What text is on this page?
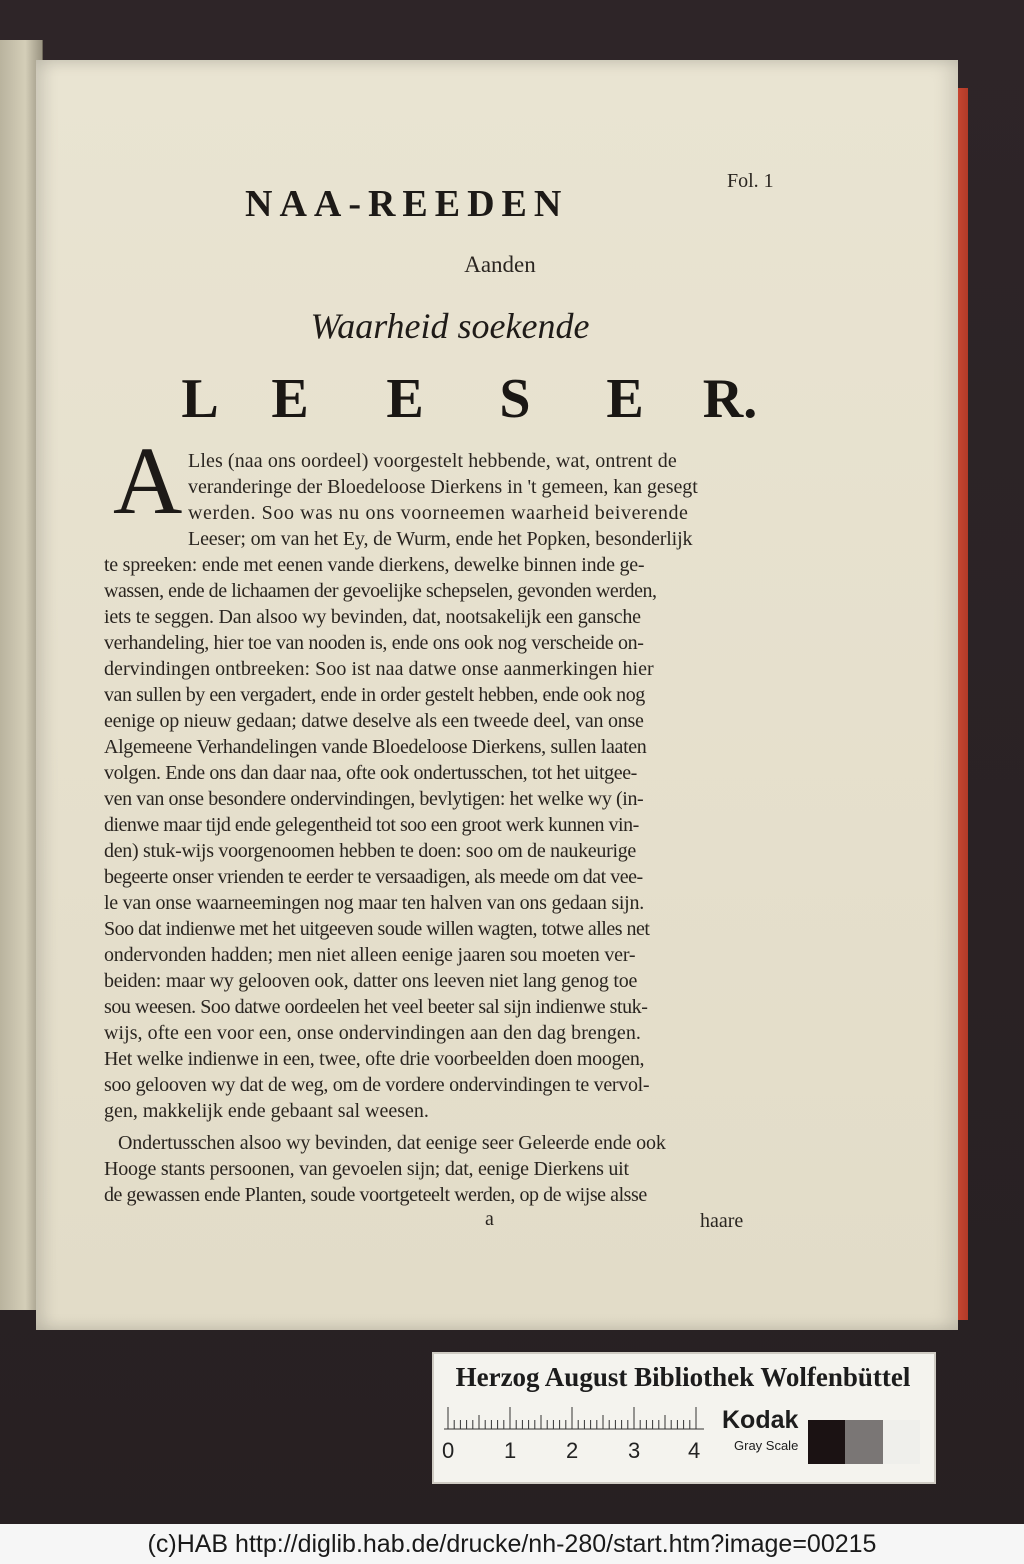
Fol. 1
NAA-REEDEN
Aanden
Waarheid soekende
L E	E	S	E	R.
A Lles (naa ons oordeel) voorgestelt hebbende, wat, ontrent de
veranderinge der Bloedeloose Dierkens in 't gemeen, kan gesegt
werden. Soo was nu ons voorneemen waarheid beiverende
Leeser; om van het Ey, de Wurm, ende het Popken, besonderlijk
te spreeken: ende met eenen vande dierkens, dewelke binnen inde ge-
wassen, ende de lichaamen der gevoelijke schepselen, gevonden werden,
iets te seggen. Dan alsoo wy bevinden, dat, nootsakelijk een gansche
verhandeling, hier toe van nooden is, ende ons ook nog verscheide on-
dervindingen ontbreeken: Soo ist naa datwe onse aanmerkingen hier
van sullen by een vergadert, ende in order gestelt hebben, ende ook nog
eenige op nieuw gedaan; datwe deselve als een tweede deel, van onse
Algemeene Verhandelingen vande Bloedeloose Dierkens, sullen laaten
volgen. Ende ons dan daar naa, ofte ook ondertusschen, tot het uitgee-
ven van onse besondere ondervindingen, bevlytigen: het welke wy (in-
dienwe maar tijd ende gelegentheid tot soo een groot werk kunnen vin-
den) stuk-wijs voorgenoomen hebben te doen: soo om de naukeurige
begeerte onser vrienden te eerder te versaadigen, als meede om dat vee-
le van onse waarneemingen nog maar ten halven van ons gedaan sijn.
Soo dat indienwe met het uitgeeven soude willen wagten, totwe alles net
ondervonden hadden; men niet alleen eenige jaaren sou moeten ver-
beiden: maar wy gelooven ook, datter ons leeven niet lang genog toe
sou weesen. Soo datwe oordeelen het veel beeter sal sijn indienwe stuk-
wijs, ofte een voor een, onse ondervindingen aan den dag brengen.
Het welke indienwe in een, twee, ofte drie voorbeelden doen moogen,
soo gelooven wy dat de weg, om de vordere ondervindingen te vervol-
gen, makkelijk ende gebaant sal weesen.
Ondertusschen alsoo wy bevinden, dat eenige seer Geleerde ende ook
Hooge stants persoonen, van gevoelen sijn; dat, eenige Dierkens uit
de gewassen ende Planten, soude voortgeteelt werden, op de wijse alsse
a	haare
Herzog August Bibliothek Wolfenbüttel
0 1 2 3 4
Kodak
Gray Scale
(c)HAB http://diglib.hab.de/drucke/nh-280/start.htm?image=00215
